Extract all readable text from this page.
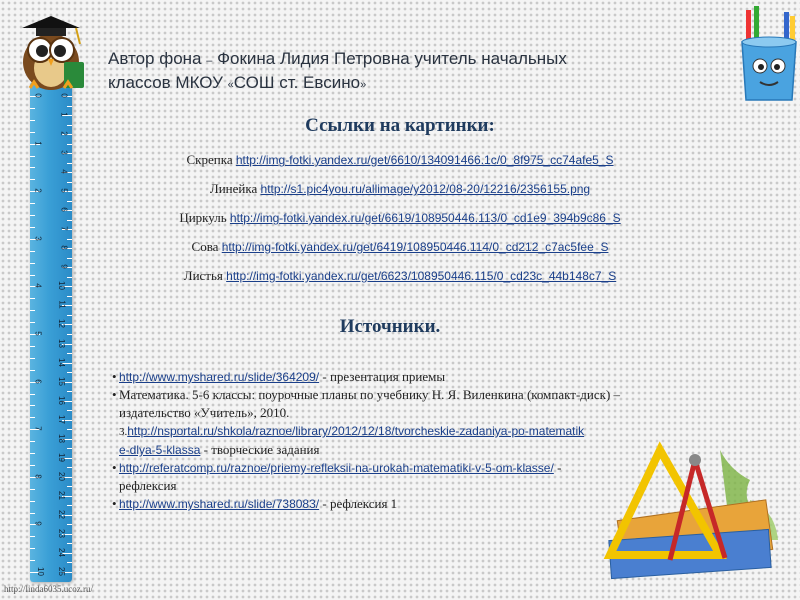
0
1
2
3
4
5
6
7
8
9
10
11
12
13
14
15
16
17
18
19
20
21
22
23
24
25
0
1
2
3
4
5
6
7
8
9
10
Автор фона – Фокина Лидия Петровна учитель начальных
классов МКОУ «СОШ ст. Евсино»
Ссылки на картинки:
Скрепка http://img-fotki.yandex.ru/get/6610/134091466.1c/0_8f975_cc74afe5_S
Линейка http://s1.pic4you.ru/allimage/y2012/08-20/12216/2356155.png
Циркуль http://img-fotki.yandex.ru/get/6619/108950446.113/0_cd1e9_394b9c86_S
Сова http://img-fotki.yandex.ru/get/6419/108950446.114/0_cd212_c7ac5fee_S
Листья http://img-fotki.yandex.ru/get/6623/108950446.115/0_cd23c_44b148c7_S
Источники.
• http://www.myshared.ru/slide/364209/ - презентация приемы
• Математика. 5-6 классы: поурочные планы по учебнику Н. Я. Виленкина (компакт-диск) –
издательство «Учитель», 2010.
3.http://nsportal.ru/shkola/raznoe/library/2012/12/18/tvorcheskie-zadaniya-po-matematik
e-dlya-5-klassa - творческие задания
• http://referatcomp.ru/raznoe/priemy-refleksii-na-urokah-matematiki-v-5-om-klasse/ -
рефлексия
• http://www.myshared.ru/slide/738083/ - рефлексия 1
http://linda6035.ucoz.ru/
